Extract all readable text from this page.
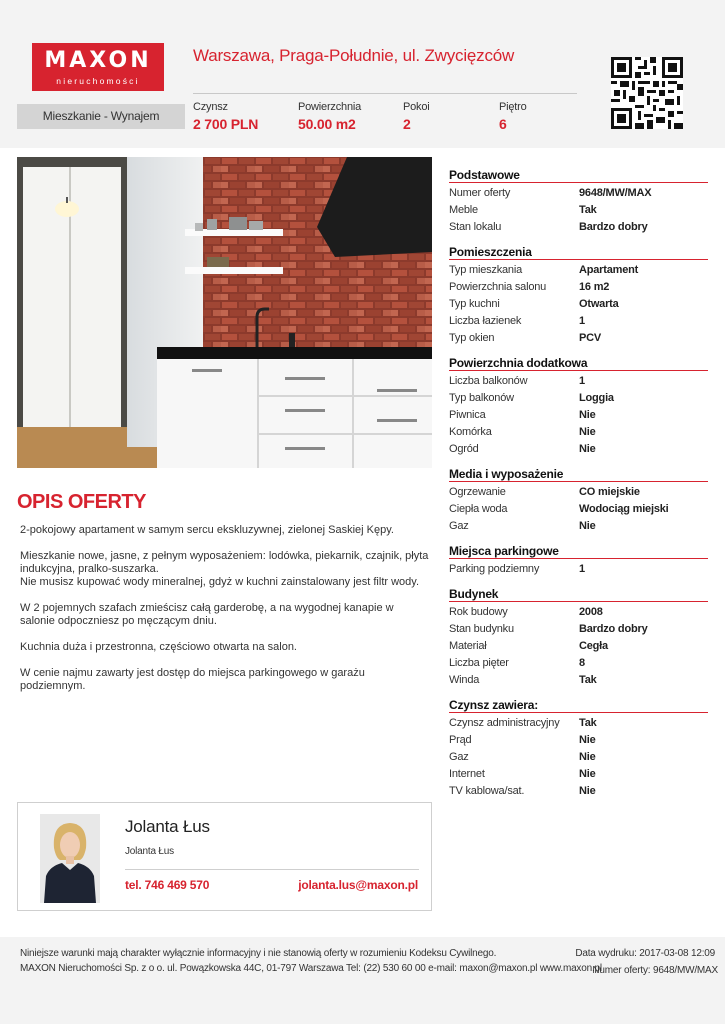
MAXON
nieruchomości
Mieszkanie - Wynajem
Warszawa, Praga-Południe, ul. Zwycięzców
Czynsz
2 700 PLN
Powierzchnia
50.00 m2
Pokoi
2
Piętro
6
OPIS OFERTY

2-pokojowy apartament w samym sercu ekskluzywnej, zielonej Saskiej Kępy.

Mieszkanie nowe, jasne, z pełnym wyposażeniem: lodówka, piekarnik, czajnik, płyta indukcyjna, pralko-suszarka.

Nie musisz kupować wody mineralnej, gdyż w kuchni zainstalowany jest filtr wody.

W 2 pojemnych szafach zmieścisz całą garderobę, a na wygodnej kanapie w salonie odpoczniesz po męczącym dniu.

Kuchnia duża i przestronna, częściowo otwarta na salon.

W cenie najmu zawarty jest dostęp do miejsca parkingowego w garażu podziemnym.

Jolanta Łus
Jolanta Łus
tel. 746 469 570	jolanta.lus@maxon.pl
Podstawowe
Numer oferty	9648/MW/MAX
Meble	Tak
Stan lokalu	Bardzo dobry
Pomieszczenia
Typ mieszkania	Apartament
Powierzchnia salonu	16 m2
Typ kuchni	Otwarta
Liczba łazienek	1
Typ okien	PCV
Powierzchnia dodatkowa
Liczba balkonów	1
Typ balkonów	Loggia
Piwnica	Nie
Komórka	Nie
Ogród	Nie
Media i wyposażenie
Ogrzewanie	CO miejskie
Ciepła woda	Wodociąg miejski
Gaz	Nie
Miejsca parkingowe
Parking podziemny	1
Budynek
Rok budowy	2008
Stan budynku	Bardzo dobry
Materiał	Cegła
Liczba pięter	8
Winda	Tak
Czynsz zawiera:
Czynsz administracyjny	Tak
Prąd	Nie
Gaz	Nie
Internet	Nie
TV kablowa/sat.	Nie
Niniejsze warunki mają charakter wyłącznie informacyjny i nie stanowią oferty w rozumieniu Kodeksu Cywilnego.
MAXON Nieruchomości Sp. z o o. ul. Powązkowska 44C, 01-797 Warszawa Tel: (22) 530 60 00 e-mail: maxon@maxon.pl www.maxon.pl
Data wydruku: 2017-03-08 12:09
Numer oferty: 9648/MW/MAX
